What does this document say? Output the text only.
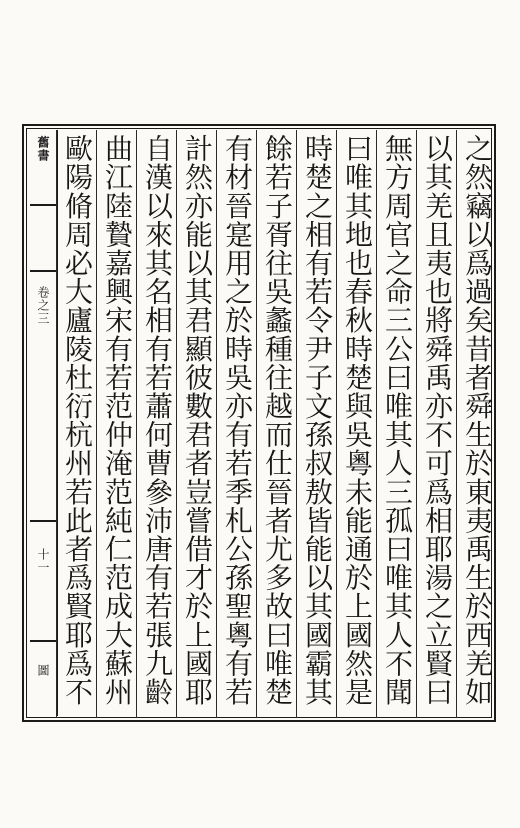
舊書
卷之三
十一
圖	之然竊以爲過矣昔者舜生於東夷禹生於西羌如
以其羌且夷也將舜禹亦不可爲相耶湯之立賢曰
無方周官之命三公曰唯其人三孤曰唯其人不聞
曰唯其地也春秋時楚與吳粵未能通於上國然是
時楚之相有若令尹子文孫叔敖皆能以其國霸其
餘若子胥往吳蠡種往越而仕晉者尤多故曰唯楚
有材晉寔用之於時吳亦有若季札公孫聖粵有若
計然亦能以其君顯彼數君者豈嘗借才於上國耶
自漢以來其名相有若蕭何曹參沛唐有若張九齡
曲江陸贄嘉興宋有若范仲淹范純仁范成大蘇州
歐陽脩周必大廬陵杜衍杭州若此者爲賢耶爲不
